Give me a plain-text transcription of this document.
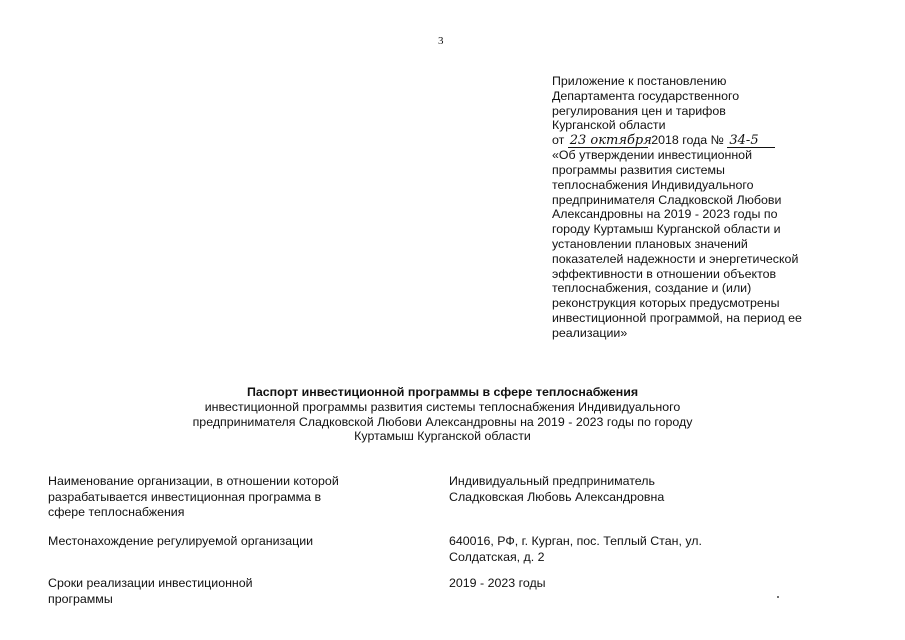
3
Приложение к постановлению
Департамента государственного
регулирования цен и тарифов
Курганской области
от 23 октября 2018 года № 34-5
«Об утверждении инвестиционной
программы развития системы
теплоснабжения Индивидуального
предпринимателя Сладковской Любови
Александровны на 2019 - 2023 годы по
городу Куртамыш Курганской области и
установлении плановых значений
показателей надежности и энергетической
эффективности в отношении объектов
теплоснабжения, создание и (или)
реконструкция которых предусмотрены
инвестиционной программой, на период ее
реализации»
Паспорт инвестиционной программы в сфере теплоснабжения
инвестиционной программы развития системы теплоснабжения Индивидуального
предпринимателя Сладковской Любови Александровны на 2019 - 2023 годы по городу
Куртамыш Курганской области
Наименование организации, в отношении которой разрабатывается инвестиционная программа в сфере теплоснабжения
Индивидуальный предприниматель Сладковская Любовь Александровна
Местонахождение регулируемой организации	640016, РФ, г. Курган, пос. Теплый Стан, ул. Солдатская, д. 2
Сроки реализации инвестиционной программы
2019 - 2023 годы
